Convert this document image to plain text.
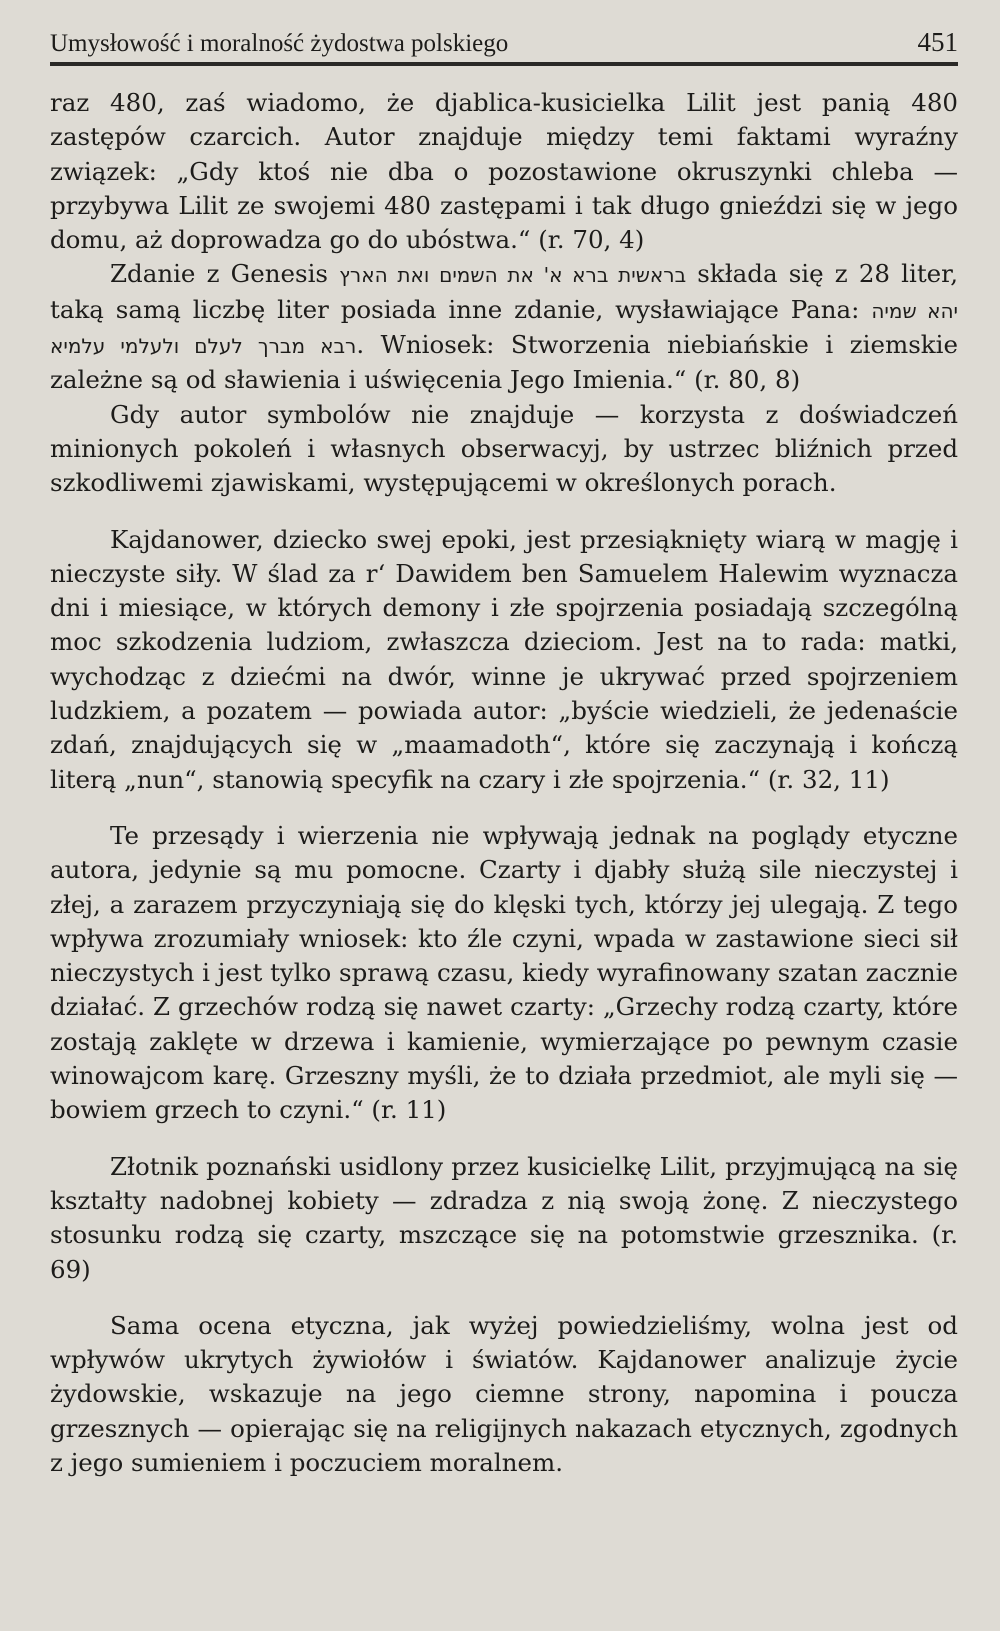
Umysłowość i moralność żydostwa polskiego	451

raz 480, zaś wiadomo, że djablica-kusicielka Lilit jest panią 480 zastępów czarcich. Autor znajduje między temi faktami wyraźny związek: „Gdy ktoś nie dba o pozostawione okruszynki chleba — przybywa Lilit ze swojemi 480 zastępami i tak długo gnieździ się w jego domu, aż doprowadza go do ubóstwa.“ (r. 70, 4)

Zdanie z Genesis בראשית ברא א' את השמים ואת הארץ składa się z 28 liter, taką samą liczbę liter posiada inne zdanie, wysławiające Pana: יהא שמיה רבא מברך לעלם ולעלמי עלמיא. Wniosek: Stworzenia niebiańskie i ziemskie zależne są od sławienia i uświęcenia Jego Imienia.“ (r. 80, 8)

Gdy autor symbolów nie znajduje — korzysta z doświadczeń minionych pokoleń i własnych obserwacyj, by ustrzec bliźnich przed szkodliwemi zjawiskami, występującemi w określonych porach.

Kajdanower, dziecko swej epoki, jest przesiąknięty wiarą w magję i nieczyste siły. W ślad za r‘ Dawidem ben Samuelem Halewim wyznacza dni i miesiące, w których demony i złe spojrzenia posiadają szczególną moc szkodzenia ludziom, zwłaszcza dzieciom. Jest na to rada: matki, wychodząc z dziećmi na dwór, winne je ukrywać przed spojrzeniem ludzkiem, a pozatem — powiada autor: „byście wiedzieli, że jedenaście zdań, znajdujących się w „maamadoth“, które się zaczynają i kończą literą „nun“, stanowią specyfik na czary i złe spojrzenia.“ (r. 32, 11)

Te przesądy i wierzenia nie wpływają jednak na poglądy etyczne autora, jedynie są mu pomocne. Czarty i djabły służą sile nieczystej i złej, a zarazem przyczyniają się do klęski tych, którzy jej ulegają. Z tego wpływa zrozumiały wniosek: kto źle czyni, wpada w zastawione sieci sił nieczystych i jest tylko sprawą czasu, kiedy wyrafinowany szatan zacznie działać. Z grzechów rodzą się nawet czarty: „Grzechy rodzą czarty, które zostają zaklęte w drzewa i kamienie, wymierzające po pewnym czasie winowajcom karę. Grzeszny myśli, że to działa przedmiot, ale myli się — bowiem grzech to czyni.“ (r. 11)

Złotnik poznański usidlony przez kusicielkę Lilit, przyjmującą na się kształty nadobnej kobiety — zdradza z nią swoją żonę. Z nieczystego stosunku rodzą się czarty, mszczące się na potomstwie grzesznika. (r. 69)

Sama ocena etyczna, jak wyżej powiedzieliśmy, wolna jest od wpływów ukrytych żywiołów i światów. Kajdanower analizuje życie żydowskie, wskazuje na jego ciemne strony, napomina i poucza grzesznych — opierając się na religijnych nakazach etycznych, zgodnych z jego sumieniem i poczuciem moralnem.
